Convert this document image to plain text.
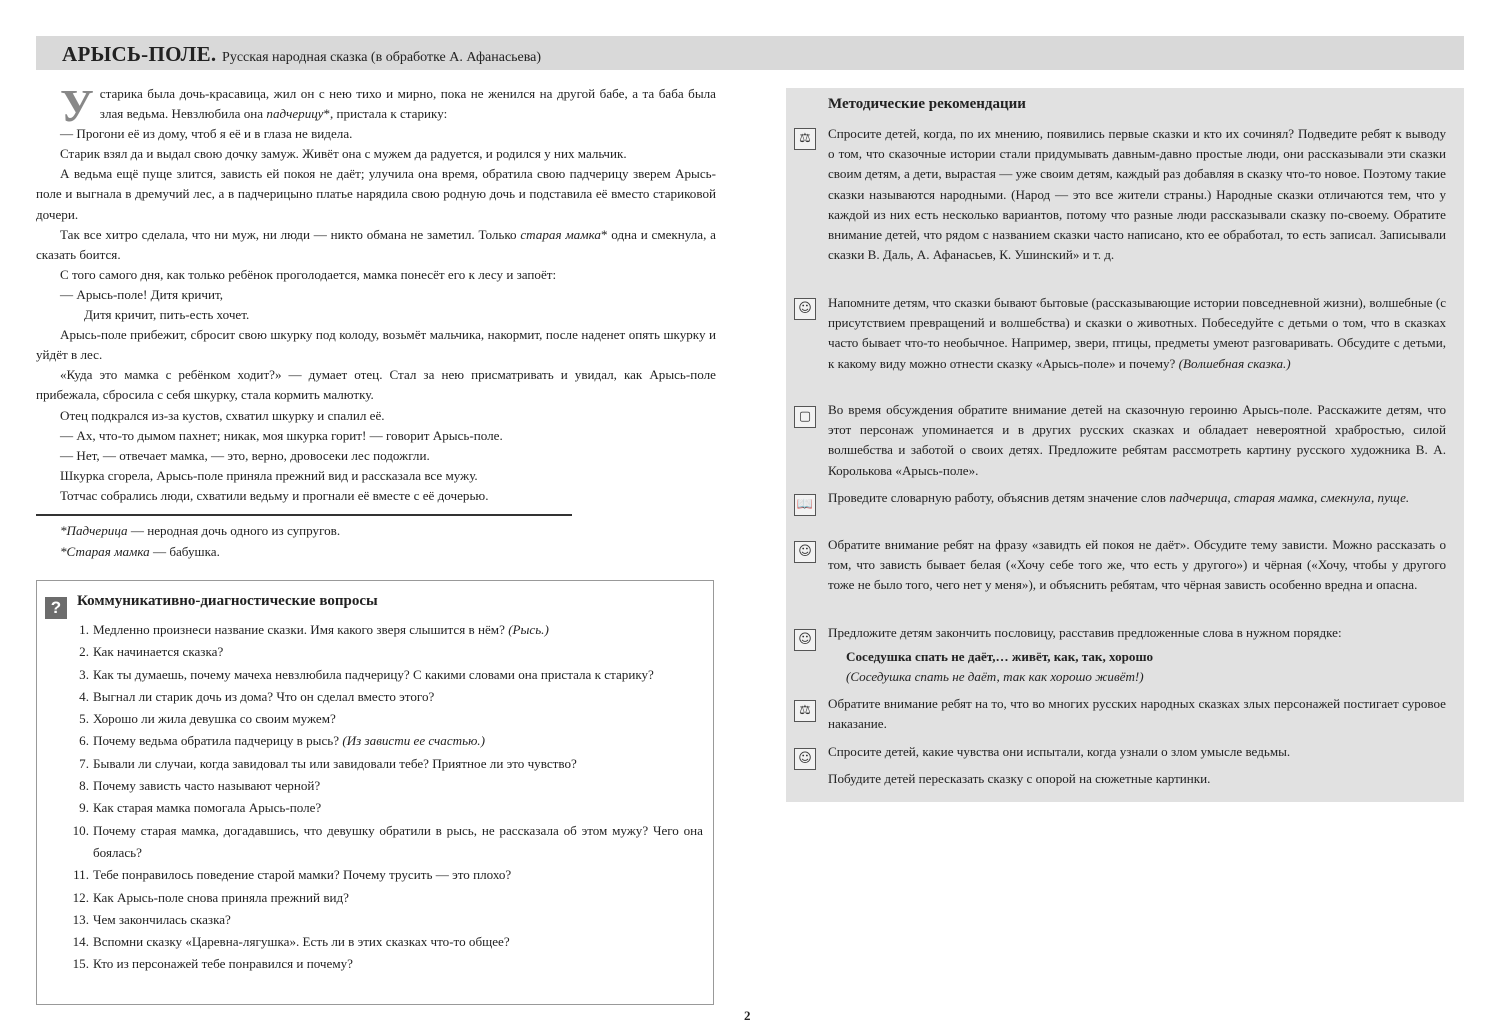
АРЫСЬ-ПОЛЕ. Русская народная сказка (в обработке А. Афанасьева)

Устарика была дочь-красавица, жил он с нею тихо и мирно, пока не женился на другой бабе, а та баба была злая ведьма. Невзлюбила она падчерицу*, пристала к старику:

— Прогони её из дому, чтоб я её и в глаза не видела.

Старик взял да и выдал свою дочку замуж. Живёт она с мужем да радуется, и родился у них мальчик.

А ведьма ещё пуще злится, зависть ей покоя не даёт; улучила она время, обратила свою падчерицу зверем Арысь-поле и выгнала в дремучий лес, а в падчерицыно платье нарядила свою родную дочь и подставила её вместо стариковой дочери.

Так все хитро сделала, что ни муж, ни люди — никто обмана не заметил. Только старая мамка* одна и смекнула, а сказать боится.

С того самого дня, как только ребёнок проголодается, мамка понесёт его к лесу и запоёт:

— Арысь-поле! Дитя кричит,

Дитя кричит, пить-есть хочет.

Арысь-поле прибежит, сбросит свою шкурку под колоду, возьмёт мальчика, накормит, после наденет опять шкурку и уйдёт в лес.

«Куда это мамка с ребёнком ходит?» — думает отец. Стал за нею присматривать и увидал, как Арысь-поле прибежала, сбросила с себя шкурку, стала кормить малютку.

Отец подкрался из-за кустов, схватил шкурку и спалил её.

— Ах, что-то дымом пахнет; никак, моя шкурка горит! — говорит Арысь-поле.

— Нет, — отвечает мамка, — это, верно, дровосеки лес подожгли.

Шкурка сгорела, Арысь-поле приняла прежний вид и рассказала все мужу.

Тотчас собрались люди, схватили ведьму и прогнали её вместе с её дочерью.

*Падчерица — неродная дочь одного из супругов.
*Старая мамка — бабушка.
?	Коммуникативно-диагностические вопросы
1. Медленно произнеси название сказки. Имя какого зверя слышится в нём? (Рысь.)
2. Как начинается сказка?
3. Как ты думаешь, почему мачеха невзлюбила падчерицу? С какими словами она пристала к старику?
4. Выгнал ли старик дочь из дома? Что он сделал вместо этого?
5. Хорошо ли жила девушка со своим мужем?
6. Почему ведьма обратила падчерицу в рысь? (Из зависти ее счастью.)
7. Бывали ли случаи, когда завидовал ты или завидовали тебе? Приятное ли это чувство?
8. Почему зависть часто называют черной?
9. Как старая мамка помогала Арысь-поле?
10. Почему старая мамка, догадавшись, что девушку обратили в рысь, не рассказала об этом мужу? Чего она боялась?
11. Тебе понравилось поведение старой мамки? Почему трусить — это плохо?
12. Как Арысь-поле снова приняла прежний вид?
13. Чем закончилась сказка?
14. Вспомни сказку «Царевна-лягушка». Есть ли в этих сказках что-то общее?
15. Кто из персонажей тебе понравился и почему?
Методические рекомендации
⚖	Спросите детей, когда, по их мнению, появились первые сказки и кто их сочинял? Подведите ребят к выводу о том, что сказочные истории стали придумывать давным-давно простые люди, они рассказывали эти сказки своим детям, а дети, вырастая — уже своим детям, каждый раз добавляя в сказку что-то новое. Поэтому такие сказки называются народными. (Народ — это все жители страны.) Народные сказки отличаются тем, что у каждой из них есть несколько вариантов, потому что разные люди рассказывали сказку по-своему. Обратите внимание детей, что рядом с названием сказки часто написано, кто ее обработал, то есть записал. Записывали сказки В. Даль, А. Афанасьев, К. Ушинский» и т. д.
☺	Напомните детям, что сказки бывают бытовые (рассказывающие истории повседневной жизни), волшебные (с присутствием превращений и волшебства) и сказки о животных. Побеседуйте с детьми о том, что в сказках часто бывает что-то необычное. Например, звери, птицы, предметы умеют разговаривать. Обсудите с детьми, к какому виду можно отнести сказку «Арысь-поле» и почему? (Волшебная сказка.)
▢	Во время обсуждения обратите внимание детей на сказочную героиню Арысь-поле. Расскажите детям, что этот персонаж упоминается и в других русских сказках и обладает невероятной храбростью, силой волшебства и заботой о своих детях. Предложите ребятам рассмотреть картину русского художника В. А. Королькова «Арысь-поле».
📖 Проведите словарную работу, объяснив детям значение слов падчерица, старая мамка, смекнула, пуще.
☺	Обратите внимание ребят на фразу «завидть ей покоя не даёт». Обсудите тему зависти. Можно рассказать о том, что зависть бывает белая («Хочу себе того же, что есть у другого») и чёрная («Хочу, чтобы у другого тоже не было того, чего нет у меня»), и объяснить ребятам, что чёрная зависть особенно вредна и опасна.
☺	Предложите детям закончить пословицу, расставив предложенные слова в нужном порядке:
Соседушка спать не даёт,… живёт, как, так, хорошо
(Соседушка спать не даёт, так как хорошо живёт!)
⚖	Обратите внимание ребят на то, что во многих русских народных сказках злых персонажей постигает суровое наказание.
☺	Спросите детей, какие чувства они испытали, когда узнали о злом умысле ведьмы.
Побудите детей пересказать сказку с опорой на сюжетные картинки.
2
